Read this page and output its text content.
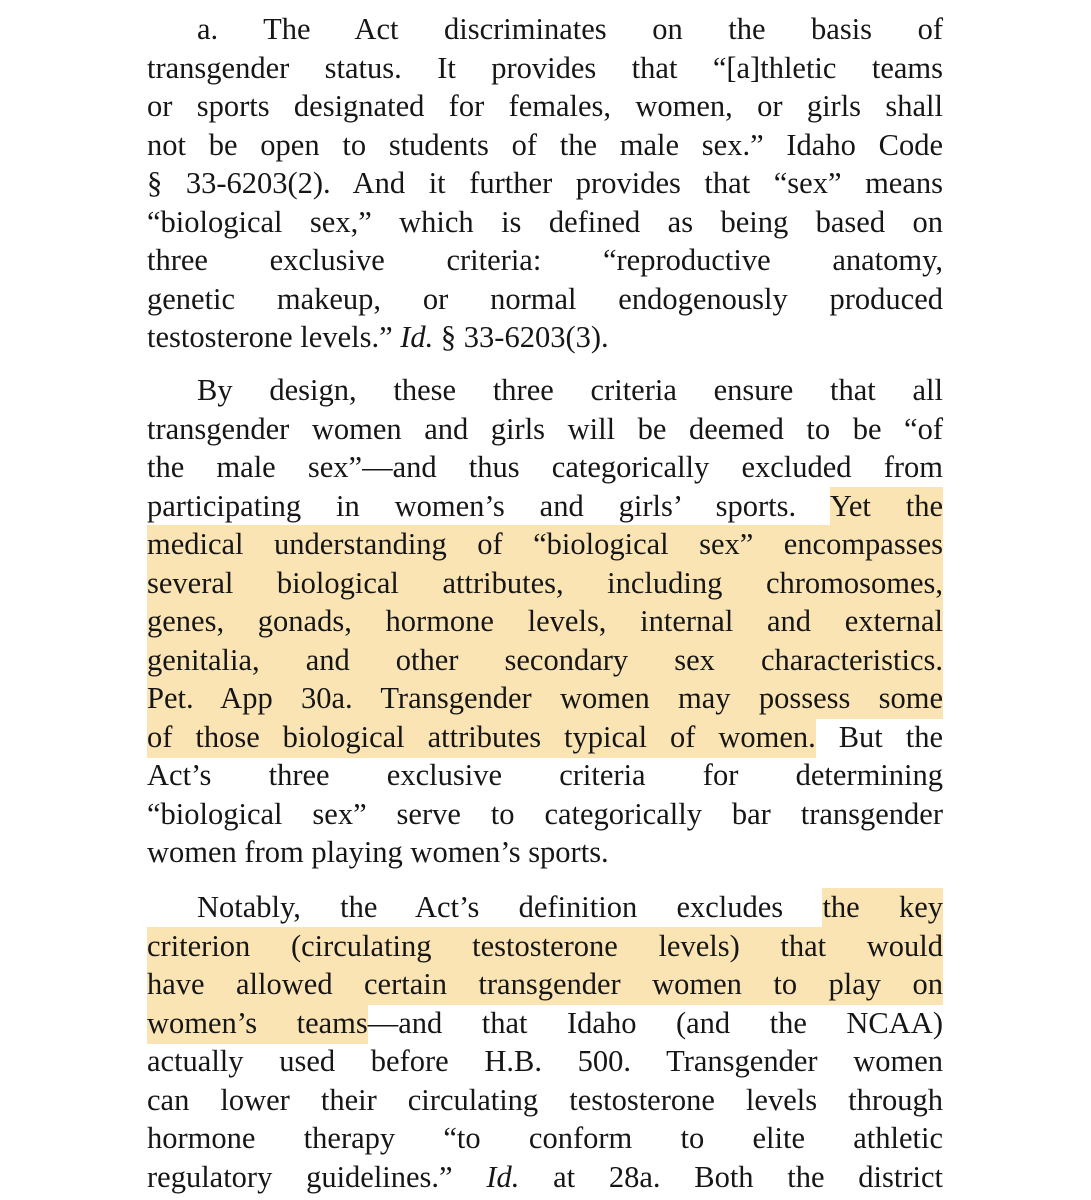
a. The Act discriminates on the basis of
transgender status. It provides that “[a]thletic teams
or sports designated for females, women, or girls shall
not be open to students of the male sex.” Idaho Code
§ 33-6203(2). And it further provides that “sex” means
“biological sex,” which is defined as being based on
three exclusive criteria: “reproductive anatomy,
genetic makeup, or normal endogenously produced
testosterone levels.” Id. § 33-6203(3).
By design, these three criteria ensure that all
transgender women and girls will be deemed to be “of
the male sex”—and thus categorically excluded from
participating in women’s and girls’ sports. Yet the
medical understanding of “biological sex” encompasses
several biological attributes, including chromosomes,
genes, gonads, hormone levels, internal and external
genitalia, and other secondary sex characteristics.
Pet. App 30a. Transgender women may possess some
of those biological attributes typical of women. But the
Act’s three exclusive criteria for determining
“biological sex” serve to categorically bar transgender
women from playing women’s sports.
Notably, the Act’s definition excludes the key
criterion (circulating testosterone levels) that would
have allowed certain transgender women to play on
women’s teams—and that Idaho (and the NCAA)
actually used before H.B. 500. Transgender women
can lower their circulating testosterone levels through
hormone therapy “to conform to elite athletic
regulatory guidelines.” Id. at 28a. Both the district
